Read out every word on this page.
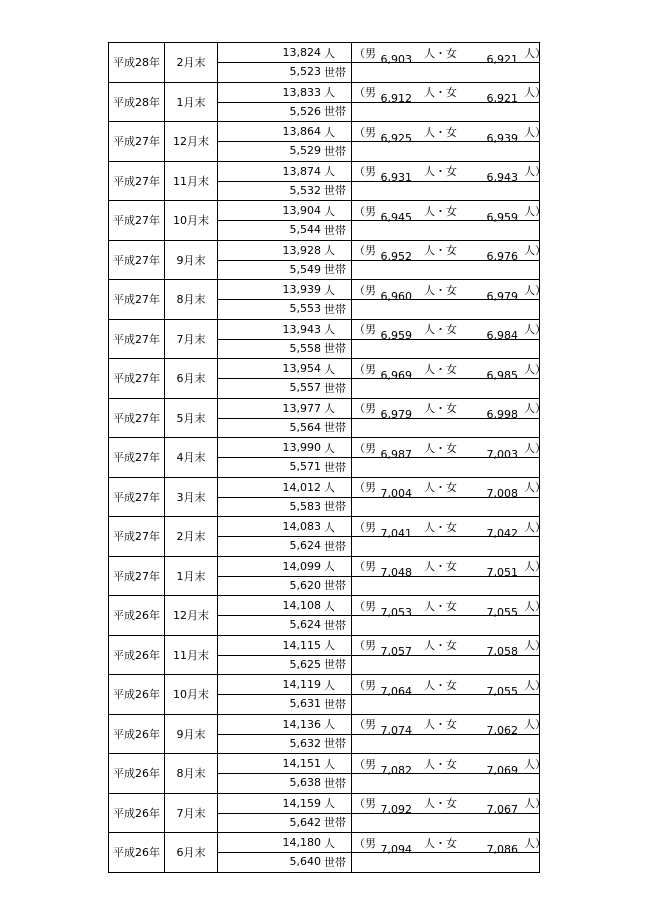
平成28年 2月末
13,824 人
5,523 世帯
（男 6,903 人・女	6,921 人）
平成28年 1月末
13,833 人
5,526 世帯
（男 6,912 人・女	6,921 人）
平成27年 12月末
13,864 人
5,529 世帯
（男 6,925 人・女	6,939 人）
平成27年 11月末
13,874 人
5,532 世帯
（男 6,931 人・女	6,943 人）
平成27年 10月末
13,904 人
5,544 世帯
（男 6,945 人・女	6,959 人）
平成27年 9月末
13,928 人
5,549 世帯
（男 6,952 人・女	6,976 人）
平成27年 8月末
13,939 人
5,553 世帯
（男 6,960 人・女	6,979 人）
平成27年 7月末
13,943 人
5,558 世帯
（男 6,959 人・女	6,984 人）
平成27年 6月末
13,954 人
5,557 世帯
（男 6,969 人・女	6,985 人）
平成27年 5月末
13,977 人
5,564 世帯
（男 6,979 人・女	6,998 人）
平成27年 4月末
13,990 人
5,571 世帯
（男 6,987 人・女	7,003 人）
平成27年 3月末
14,012 人
5,583 世帯
（男 7,004 人・女	7,008 人）
平成27年 2月末
14,083 人
5,624 世帯
（男 7,041 人・女	7,042 人）
平成27年 1月末
14,099 人
5,620 世帯
（男 7,048 人・女	7,051 人）
平成26年 12月末
14,108 人
5,624 世帯
（男 7,053 人・女	7,055 人）
平成26年 11月末
14,115 人
5,625 世帯
（男 7,057 人・女	7,058 人）
平成26年 10月末
14,119 人
5,631 世帯
（男 7,064 人・女	7,055 人）
平成26年 9月末
14,136 人
5,632 世帯
（男 7,074 人・女	7,062 人）
平成26年 8月末
14,151 人
5,638 世帯
（男 7,082 人・女	7,069 人）
平成26年 7月末
14,159 人
5,642 世帯
（男 7,092 人・女	7,067 人）
平成26年 6月末
14,180 人
5,640 世帯
（男 7,094 人・女	7,086 人）
